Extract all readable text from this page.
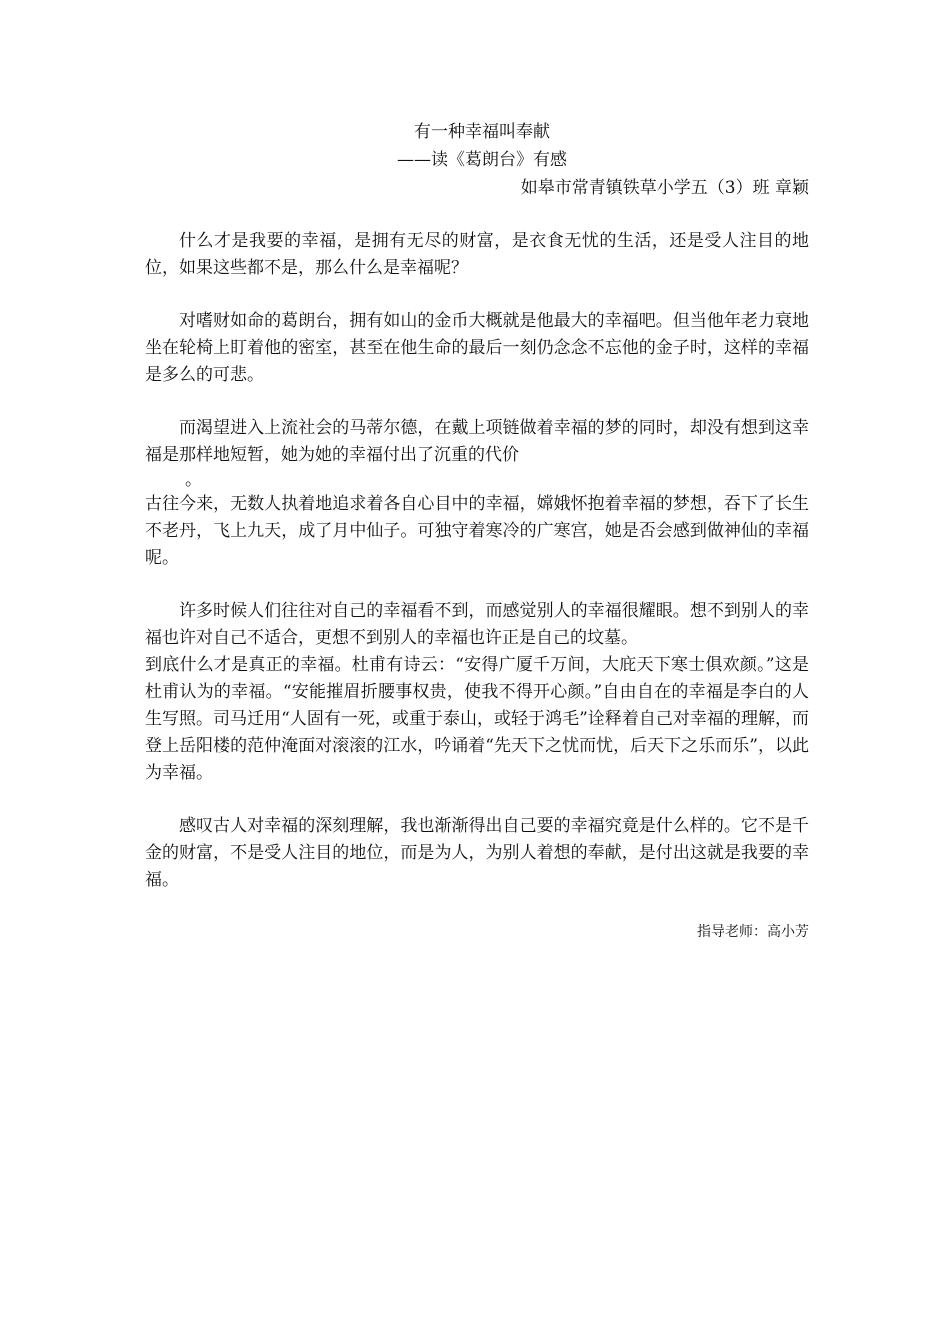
有一种幸福叫奉献

——读《葛朗台》有感

如皋市常青镇铁草小学五（3）班 章颖

什么才是我要的幸福，是拥有无尽的财富，是衣食无忧的生活，还是受人注目的地位，如果这些都不是，那么什么是幸福呢？

对嗜财如命的葛朗台，拥有如山的金币大概就是他最大的幸福吧。但当他年老力衰地坐在轮椅上盯着他的密室，甚至在他生命的最后一刻仍念念不忘他的金子时，这样的幸福是多么的可悲。

而渴望进入上流社会的马蒂尔德，在戴上项链做着幸福的梦的同时，却没有想到这幸福是那样地短暂，她为她的幸福付出了沉重的代价

。

古往今来，无数人执着地追求着各自心目中的幸福，嫦娥怀抱着幸福的梦想，吞下了长生不老丹，飞上九天，成了月中仙子。可独守着寒冷的广寒宫，她是否会感到做神仙的幸福呢。

许多时候人们往往对自己的幸福看不到，而感觉别人的幸福很耀眼。想不到别人的幸福也许对自己不适合，更想不到别人的幸福也许正是自己的坟墓。

到底什么才是真正的幸福。杜甫有诗云：“安得广厦千万间，大庇天下寒士俱欢颜。”这是杜甫认为的幸福。“安能摧眉折腰事权贵，使我不得开心颜。”自由自在的幸福是李白的人生写照。司马迁用“人固有一死，或重于泰山，或轻于鸿毛”诠释着自己对幸福的理解，而登上岳阳楼的范仲淹面对滚滚的江水，吟诵着“先天下之忧而忧，后天下之乐而乐”，以此为幸福。

感叹古人对幸福的深刻理解，我也渐渐得出自己要的幸福究竟是什么样的。它不是千金的财富，不是受人注目的地位，而是为人，为别人着想的奉献，是付出这就是我要的幸福。

指导老师：高小芳
